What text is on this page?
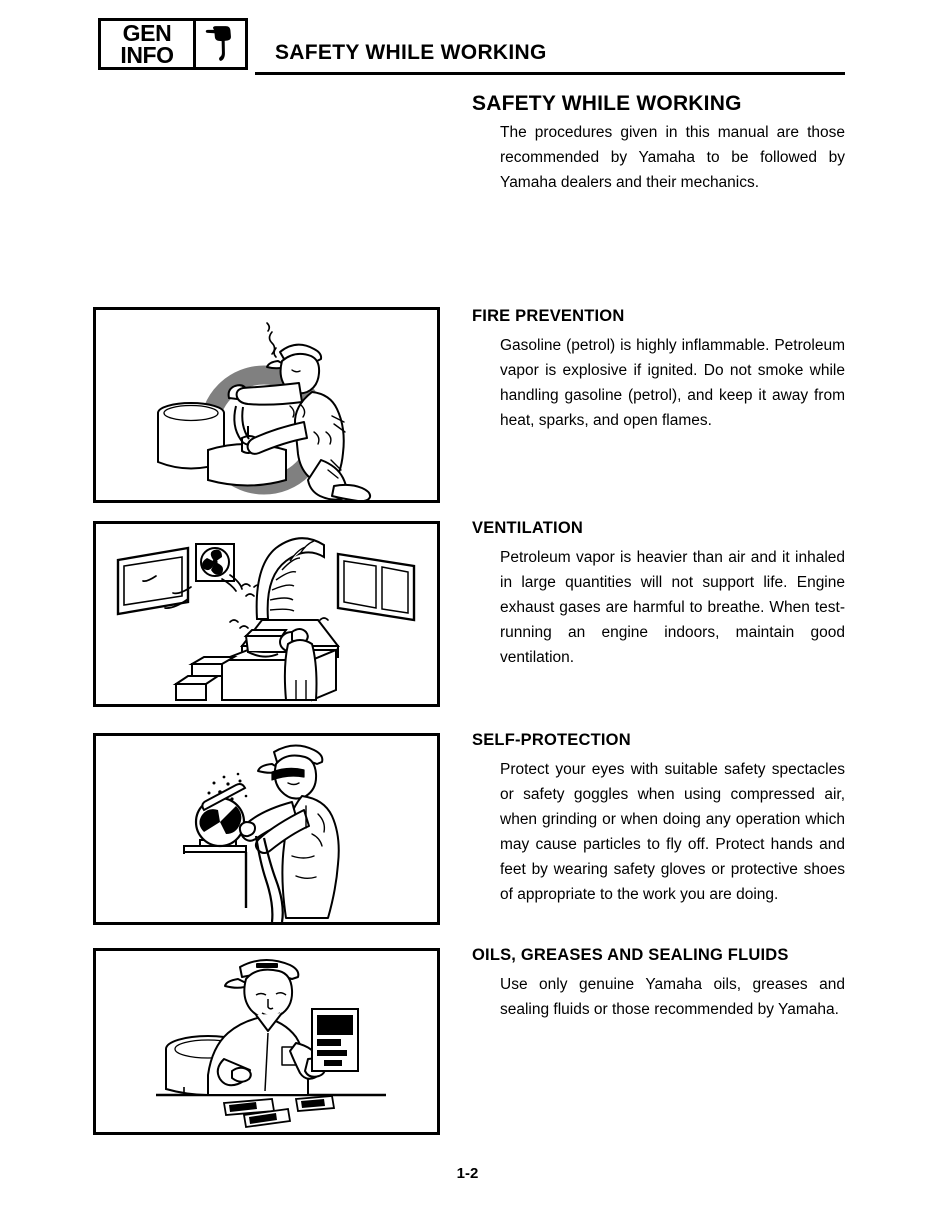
GEN
INFO	SAFETY WHILE WORKING
SAFETY WHILE WORKING
The procedures given in this manual are those recommended by Yamaha to be followed by Yamaha dealers and their mechanics.
FIRE PREVENTION
Gasoline (petrol) is highly inflammable. Petroleum vapor is explosive if ignited. Do not smoke while handling gasoline (petrol), and keep it away from heat, sparks, and open flames.
VENTILATION
Petroleum vapor is heavier than air and it inhaled in large quantities will not support life. Engine exhaust gases are harmful to breathe. When test-running an engine indoors, maintain good ventilation.
SELF-PROTECTION
Protect your eyes with suitable safety spectacles or safety goggles when using compressed air, when grinding or when doing any operation which may cause particles to fly off. Protect hands and feet by wearing safety gloves or protective shoes of appropriate to the work you are doing.
OILS, GREASES AND SEALING FLUIDS
Use only genuine Yamaha oils, greases and sealing fluids or those recommended by Yamaha.
1-2
